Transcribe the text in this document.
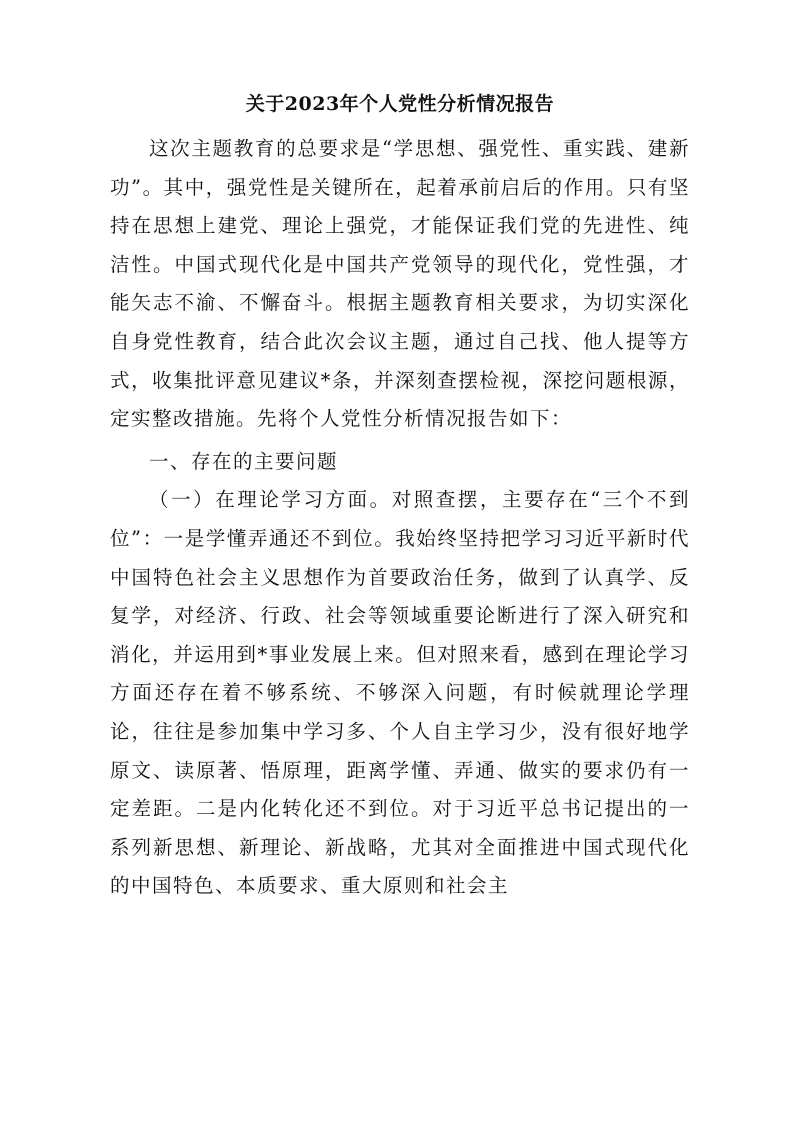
关于2023年个人党性分析情况报告

这次主题教育的总要求是“学思想、强党性、重实践、建新功”。其中，强党性是关键所在，起着承前启后的作用。只有坚持在思想上建党、理论上强党，才能保证我们党的先进性、纯洁性。中国式现代化是中国共产党领导的现代化，党性强，才能矢志不渝、不懈奋斗。根据主题教育相关要求，为切实深化自身党性教育，结合此次会议主题，通过自己找、他人提等方式，收集批评意见建议*条，并深刻查摆检视，深挖问题根源，定实整改措施。先将个人党性分析情况报告如下：

一、存在的主要问题

（一）在理论学习方面。对照查摆，主要存在“三个不到位”：一是学懂弄通还不到位。我始终坚持把学习习近平新时代中国特色社会主义思想作为首要政治任务，做到了认真学、反复学，对经济、行政、社会等领域重要论断进行了深入研究和消化，并运用到*事业发展上来。但对照来看，感到在理论学习方面还存在着不够系统、不够深入问题，有时候就理论学理论，往往是参加集中学习多、个人自主学习少，没有很好地学原文、读原著、悟原理，距离学懂、弄通、做实的要求仍有一定差距。二是内化转化还不到位。对于习近平总书记提出的一系列新思想、新理论、新战略，尤其对全面推进中国式现代化的中国特色、本质要求、重大原则和社会主
